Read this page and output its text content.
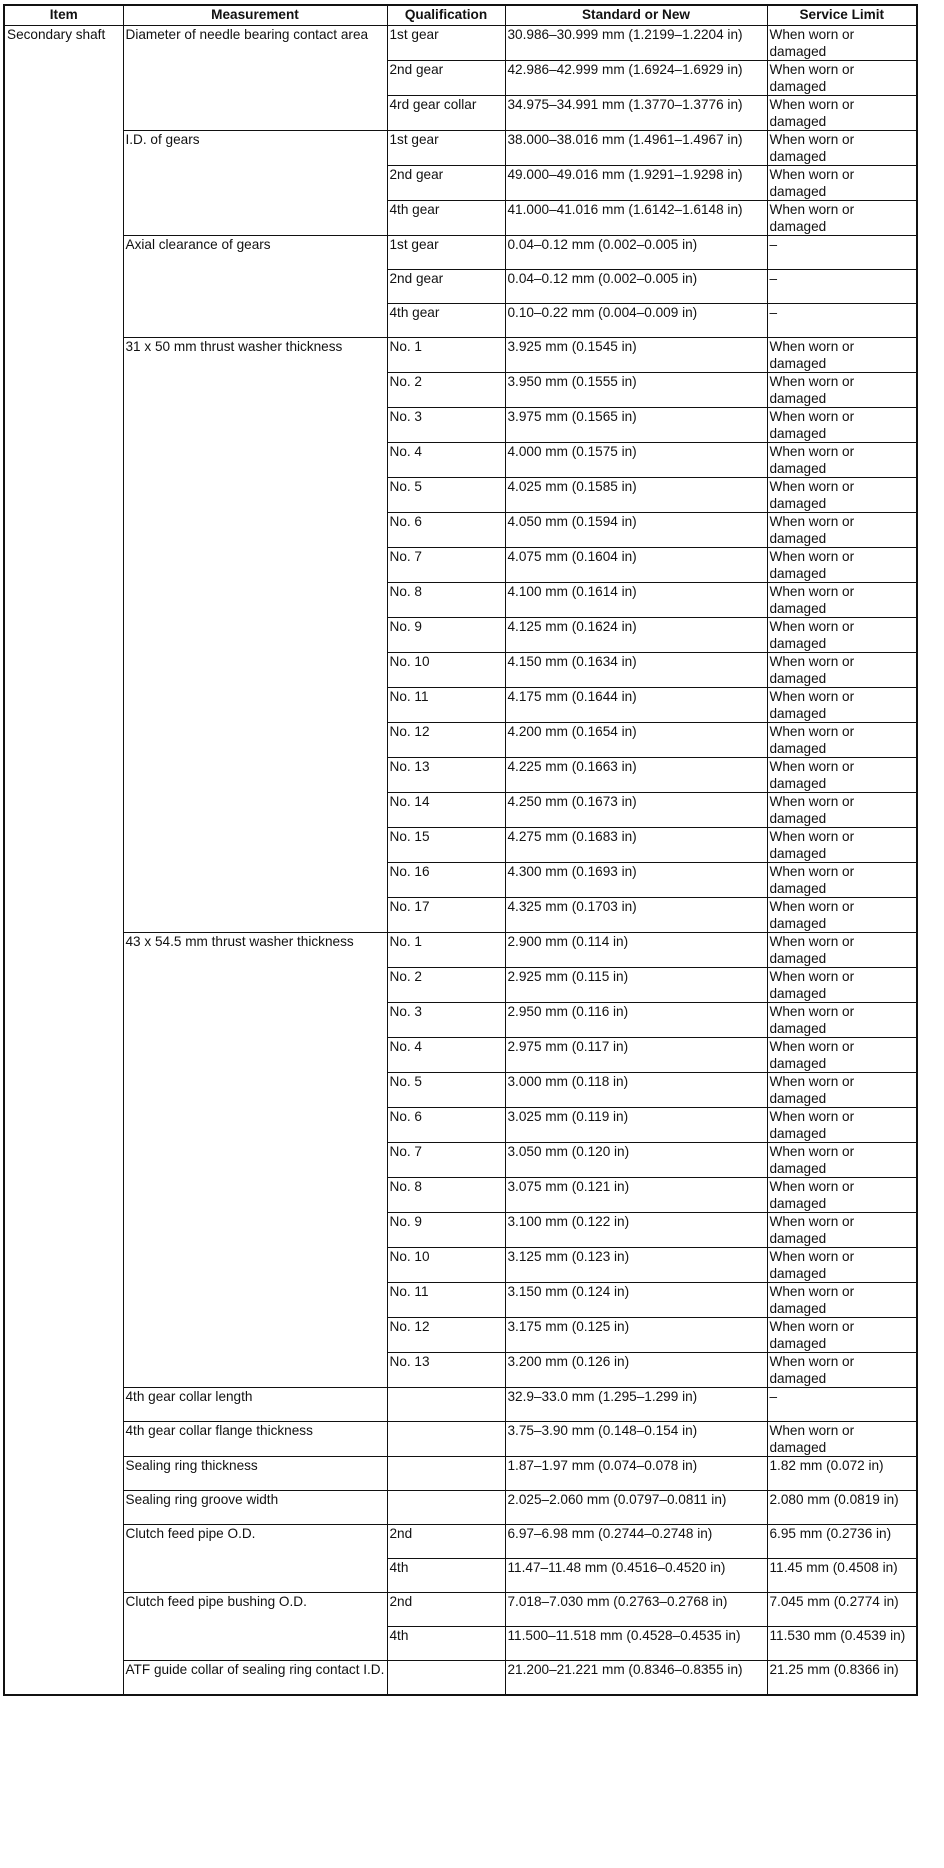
Item	Measurement	Qualification	Standard or New	Service Limit
Secondary shaft	Diameter of needle bearing contact area	1st gear	30.986–30.999 mm (1.2199–1.2204 in)	When worn or damaged
		2nd gear	42.986–42.999 mm (1.6924–1.6929 in)	When worn or damaged
		4rd gear collar	34.975–34.991 mm (1.3770–1.3776 in)	When worn or damaged
	I.D. of gears	1st gear	38.000–38.016 mm (1.4961–1.4967 in)	When worn or damaged
		2nd gear	49.000–49.016 mm (1.9291–1.9298 in)	When worn or damaged
		4th gear	41.000–41.016 mm (1.6142–1.6148 in)	When worn or damaged
	Axial clearance of gears	1st gear	0.04–0.12 mm (0.002–0.005 in)	–
		2nd gear	0.04–0.12 mm (0.002–0.005 in)	–
		4th gear	0.10–0.22 mm (0.004–0.009 in)	–
	31 x 50 mm thrust washer thickness	No. 1	3.925 mm (0.1545 in)	When worn or damaged
		No. 2	3.950 mm (0.1555 in)	When worn or damaged
		No. 3	3.975 mm (0.1565 in)	When worn or damaged
		No. 4	4.000 mm (0.1575 in)	When worn or damaged
		No. 5	4.025 mm (0.1585 in)	When worn or damaged
		No. 6	4.050 mm (0.1594 in)	When worn or damaged
		No. 7	4.075 mm (0.1604 in)	When worn or damaged
		No. 8	4.100 mm (0.1614 in)	When worn or damaged
		No. 9	4.125 mm (0.1624 in)	When worn or damaged
		No. 10	4.150 mm (0.1634 in)	When worn or damaged
		No. 11	4.175 mm (0.1644 in)	When worn or damaged
		No. 12	4.200 mm (0.1654 in)	When worn or damaged
		No. 13	4.225 mm (0.1663 in)	When worn or damaged
		No. 14	4.250 mm (0.1673 in)	When worn or damaged
		No. 15	4.275 mm (0.1683 in)	When worn or damaged
		No. 16	4.300 mm (0.1693 in)	When worn or damaged
		No. 17	4.325 mm (0.1703 in)	When worn or damaged
	43 x 54.5 mm thrust washer thickness	No. 1	2.900 mm (0.114 in)	When worn or damaged
		No. 2	2.925 mm (0.115 in)	When worn or damaged
		No. 3	2.950 mm (0.116 in)	When worn or damaged
		No. 4	2.975 mm (0.117 in)	When worn or damaged
		No. 5	3.000 mm (0.118 in)	When worn or damaged
		No. 6	3.025 mm (0.119 in)	When worn or damaged
		No. 7	3.050 mm (0.120 in)	When worn or damaged
		No. 8	3.075 mm (0.121 in)	When worn or damaged
		No. 9	3.100 mm (0.122 in)	When worn or damaged
		No. 10	3.125 mm (0.123 in)	When worn or damaged
		No. 11	3.150 mm (0.124 in)	When worn or damaged
		No. 12	3.175 mm (0.125 in)	When worn or damaged
		No. 13	3.200 mm (0.126 in)	When worn or damaged
	4th gear collar length		32.9–33.0 mm (1.295–1.299 in)	–
	4th gear collar flange thickness		3.75–3.90 mm (0.148–0.154 in)	When worn or damaged
	Sealing ring thickness		1.87–1.97 mm (0.074–0.078 in)	1.82 mm (0.072 in)
	Sealing ring groove width		2.025–2.060 mm (0.0797–0.0811 in)	2.080 mm (0.0819 in)
	Clutch feed pipe O.D.	2nd	6.97–6.98 mm (0.2744–0.2748 in)	6.95 mm (0.2736 in)
		4th	11.47–11.48 mm (0.4516–0.4520 in)	11.45 mm (0.4508 in)
	Clutch feed pipe bushing O.D.	2nd	7.018–7.030 mm (0.2763–0.2768 in)	7.045 mm (0.2774 in)
		4th	11.500–11.518 mm (0.4528–0.4535 in)	11.530 mm (0.4539 in)
	ATF guide collar of sealing ring contact I.D.		21.200–21.221 mm (0.8346–0.8355 in)	21.25 mm (0.8366 in)
